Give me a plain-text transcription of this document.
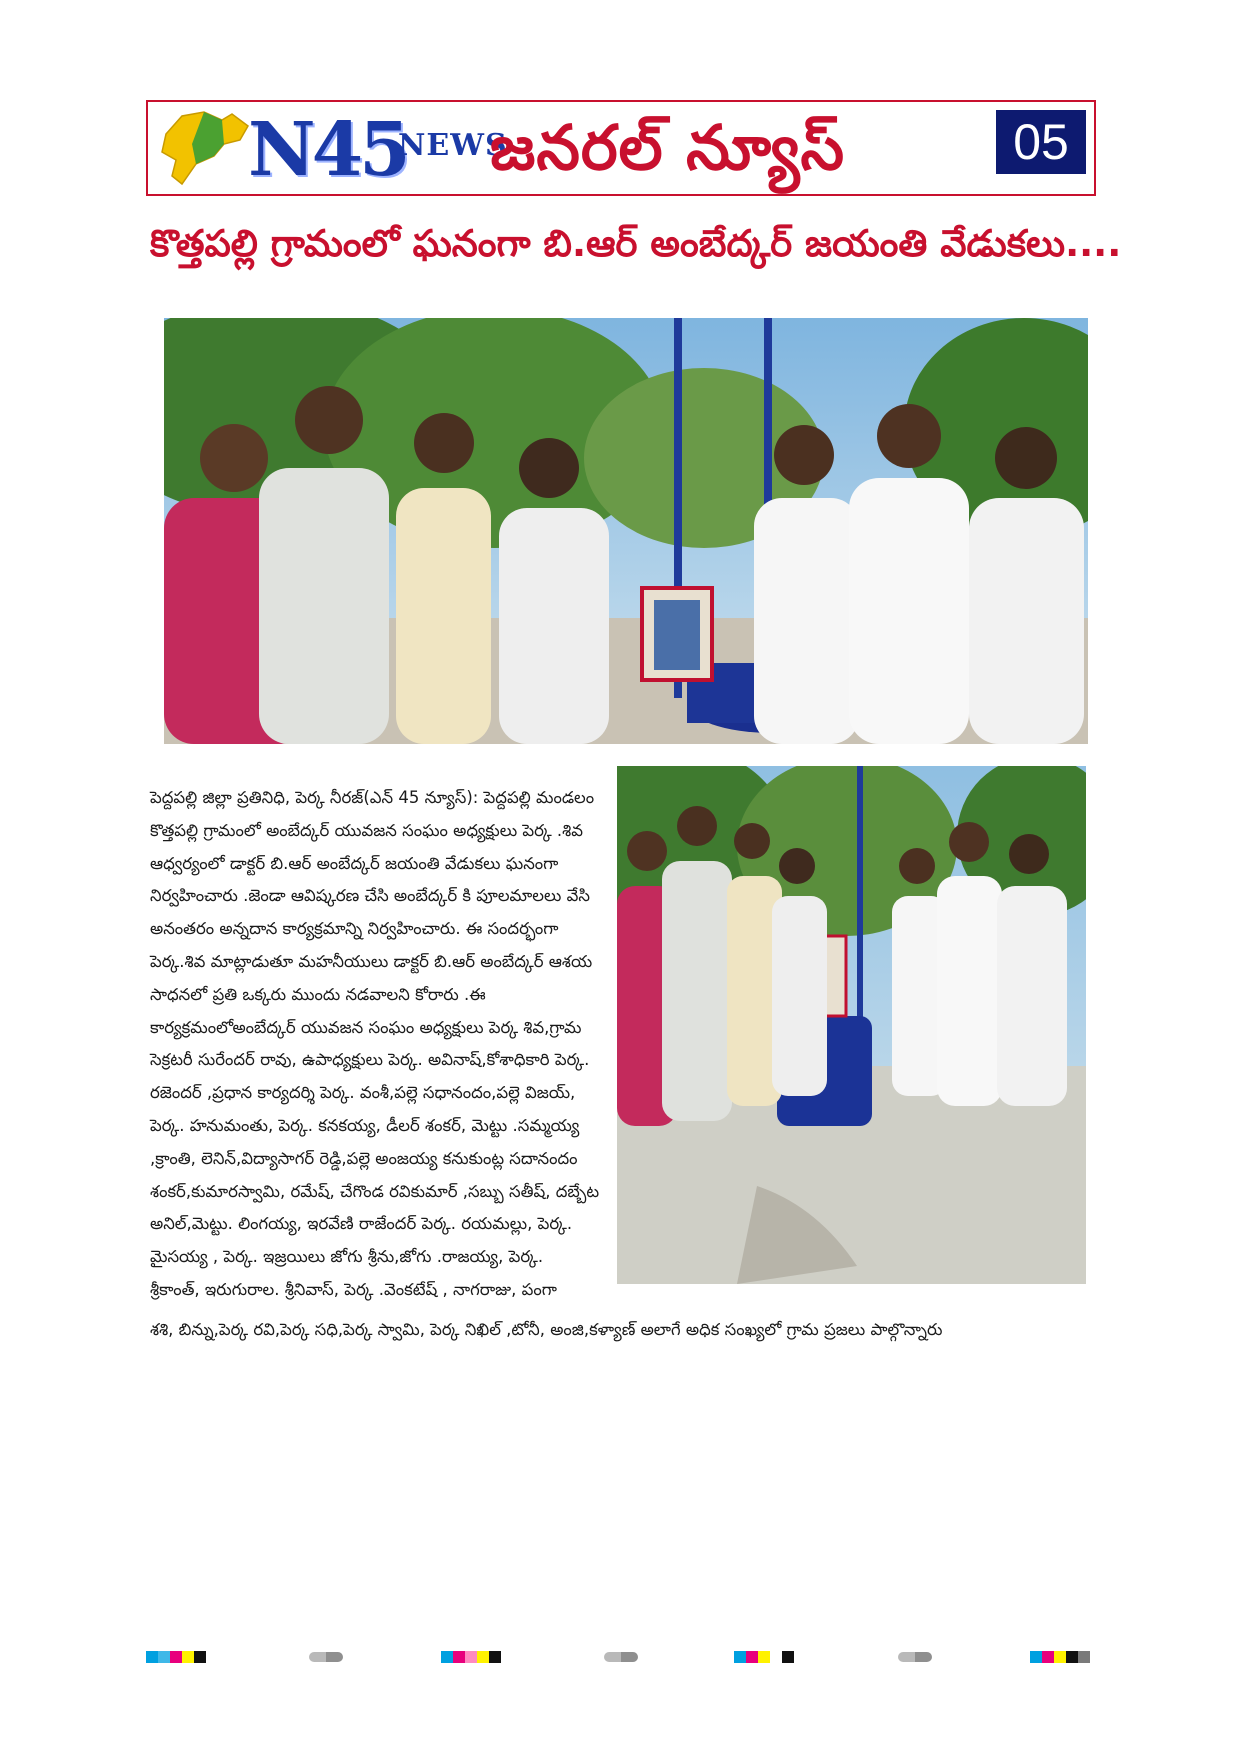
N45
NEWS
జనరల్ న్యూస్	05
కొత్తపల్లి గ్రామంలో ఘనంగా బి.ఆర్ అంబేద్కర్ జయంతి వేడుకలు....

పెద్దపల్లి జిల్లా ప్రతినిధి, పెర్క నీరజ్(ఎన్ 45 న్యూస్): పెద్దపల్లి మండలం

కొత్తపల్లి గ్రామంలో అంబేద్కర్ యువజన సంఘం అధ్యక్షులు పెర్క .శివ

ఆధ్వర్యంలో డాక్టర్ బి.ఆర్ అంబేద్కర్ జయంతి వేడుకలు ఘనంగా

నిర్వహించారు .జెండా ఆవిష్కరణ చేసి అంబేద్కర్ కి పూలమాలలు వేసి

అనంతరం అన్నదాన కార్యక్రమాన్ని నిర్వహించారు. ఈ సందర్భంగా

పెర్క.శివ మాట్లాడుతూ మహనీయులు డాక్టర్ బి.ఆర్ అంబేద్కర్ ఆశయ

సాధనలో ప్రతి ఒక్కరు ముందు నడవాలని కోరారు .ఈ

కార్యక్రమంలోఅంబేద్కర్ యువజన సంఘం అధ్యక్షులు పెర్క శివ,గ్రామ

సెక్రటరీ సురేందర్ రావు, ఉపాధ్యక్షులు పెర్క. అవినాష్,కోశాధికారి పెర్క.

రజెందర్ ,ప్రధాన కార్యదర్శి పెర్క. వంశీ,పల్లె సధానందం,పల్లె విజయ్,

పెర్క. హనుమంతు, పెర్క. కనకయ్య, డీలర్ శంకర్, మెట్టు .సమ్మయ్య

,క్రాంతి, లెనిన్,విద్యాసాగర్ రెడ్డి,పల్లె అంజయ్య కనుకుంట్ల సదానందం

శంకర్,కుమారస్వామి, రమేష్, చేగొండ రవికుమార్ ,సబ్బు సతీష్, దబ్బేట

అనిల్,మెట్టు. లింగయ్య, ఇరవేణి రాజేందర్ పెర్క. రయమల్లు, పెర్క.

మైసయ్య , పెర్క. ఇజ్రయిలు జోగు శ్రీను,జోగు .రాజయ్య, పెర్క.

శ్రీకాంత్, ఇరుగురాల. శ్రీనివాస్, పెర్క .వెంకటేష్ , నాగరాజు, పంగా

శశి, బిన్ను,పెర్క రవి,పెర్క సధి,పెర్క స్వామి, పెర్క నిఖిల్ ,టోనీ, అంజి,కళ్యాణ్ అలాగే అధిక సంఖ్యలో గ్రామ ప్రజలు పాల్గొన్నారు
